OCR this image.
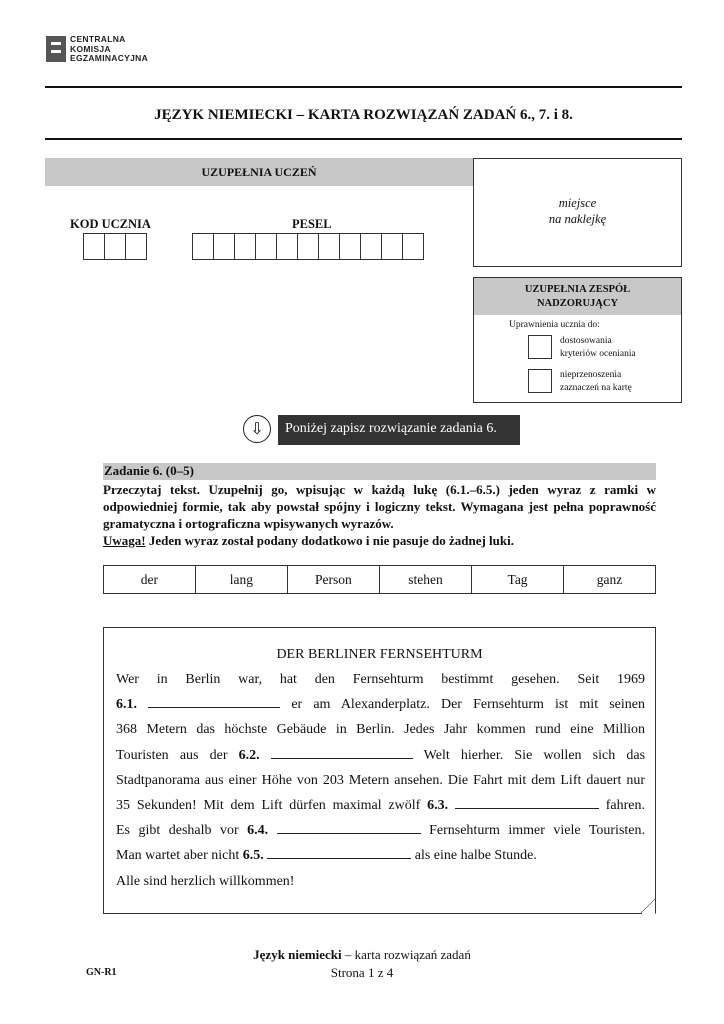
CENTRALNA
KOMISJA
EGZAMINACYJNA
JĘZYK NIEMIECKI – KARTA ROZWIĄZAŃ ZADAŃ 6., 7. i 8.
UZUPEŁNIA UCZEŃ
KOD UCZNIA	PESEL
miejsce
na naklejkę
UZUPEŁNIA ZESPÓŁ
NADZORUJĄCY
Uprawnienia ucznia do:
dostosowania
kryteriów oceniania
nieprzenoszenia
zaznaczeń na kartę
⇩	Poniżej zapisz rozwiązanie zadania 6.
Zadanie 6. (0–5)

Przeczytaj tekst. Uzupełnij go, wpisując w każdą lukę (6.1.–6.5.) jeden wyraz z ramki w odpowiedniej formie, tak aby powstał spójny i logiczny tekst. Wymagana jest pełna poprawność gramatyczna i ortograficzna wpisywanych wyrazów.

Uwaga! Jeden wyraz został podany dodatkowo i nie pasuje do żadnej luki.

der	lang	Person	stehen	Tag	ganz
DER BERLINER FERNSEHTURM
Wer in Berlin war, hat den Fernsehturm bestimmt gesehen. Seit 1969
6.1.	er am Alexanderplatz. Der Fernsehturm ist mit seinen
368 Metern das höchste Gebäude in Berlin. Jedes Jahr kommen rund eine Million
Touristen aus der 6.2.	Welt hierher. Sie wollen sich das
Stadtpanorama aus einer Höhe von 203 Metern ansehen. Die Fahrt mit dem Lift dauert nur
35 Sekunden! Mit dem Lift dürfen maximal zwölf 6.3.	fahren.
Es gibt deshalb vor 6.4.	Fernsehturm immer viele Touristen.
Man wartet aber nicht 6.5.	als eine halbe Stunde.
Alle sind herzlich willkommen!
Język niemiecki – karta rozwiązań zadań
Strona 1 z 4
GN-R1
